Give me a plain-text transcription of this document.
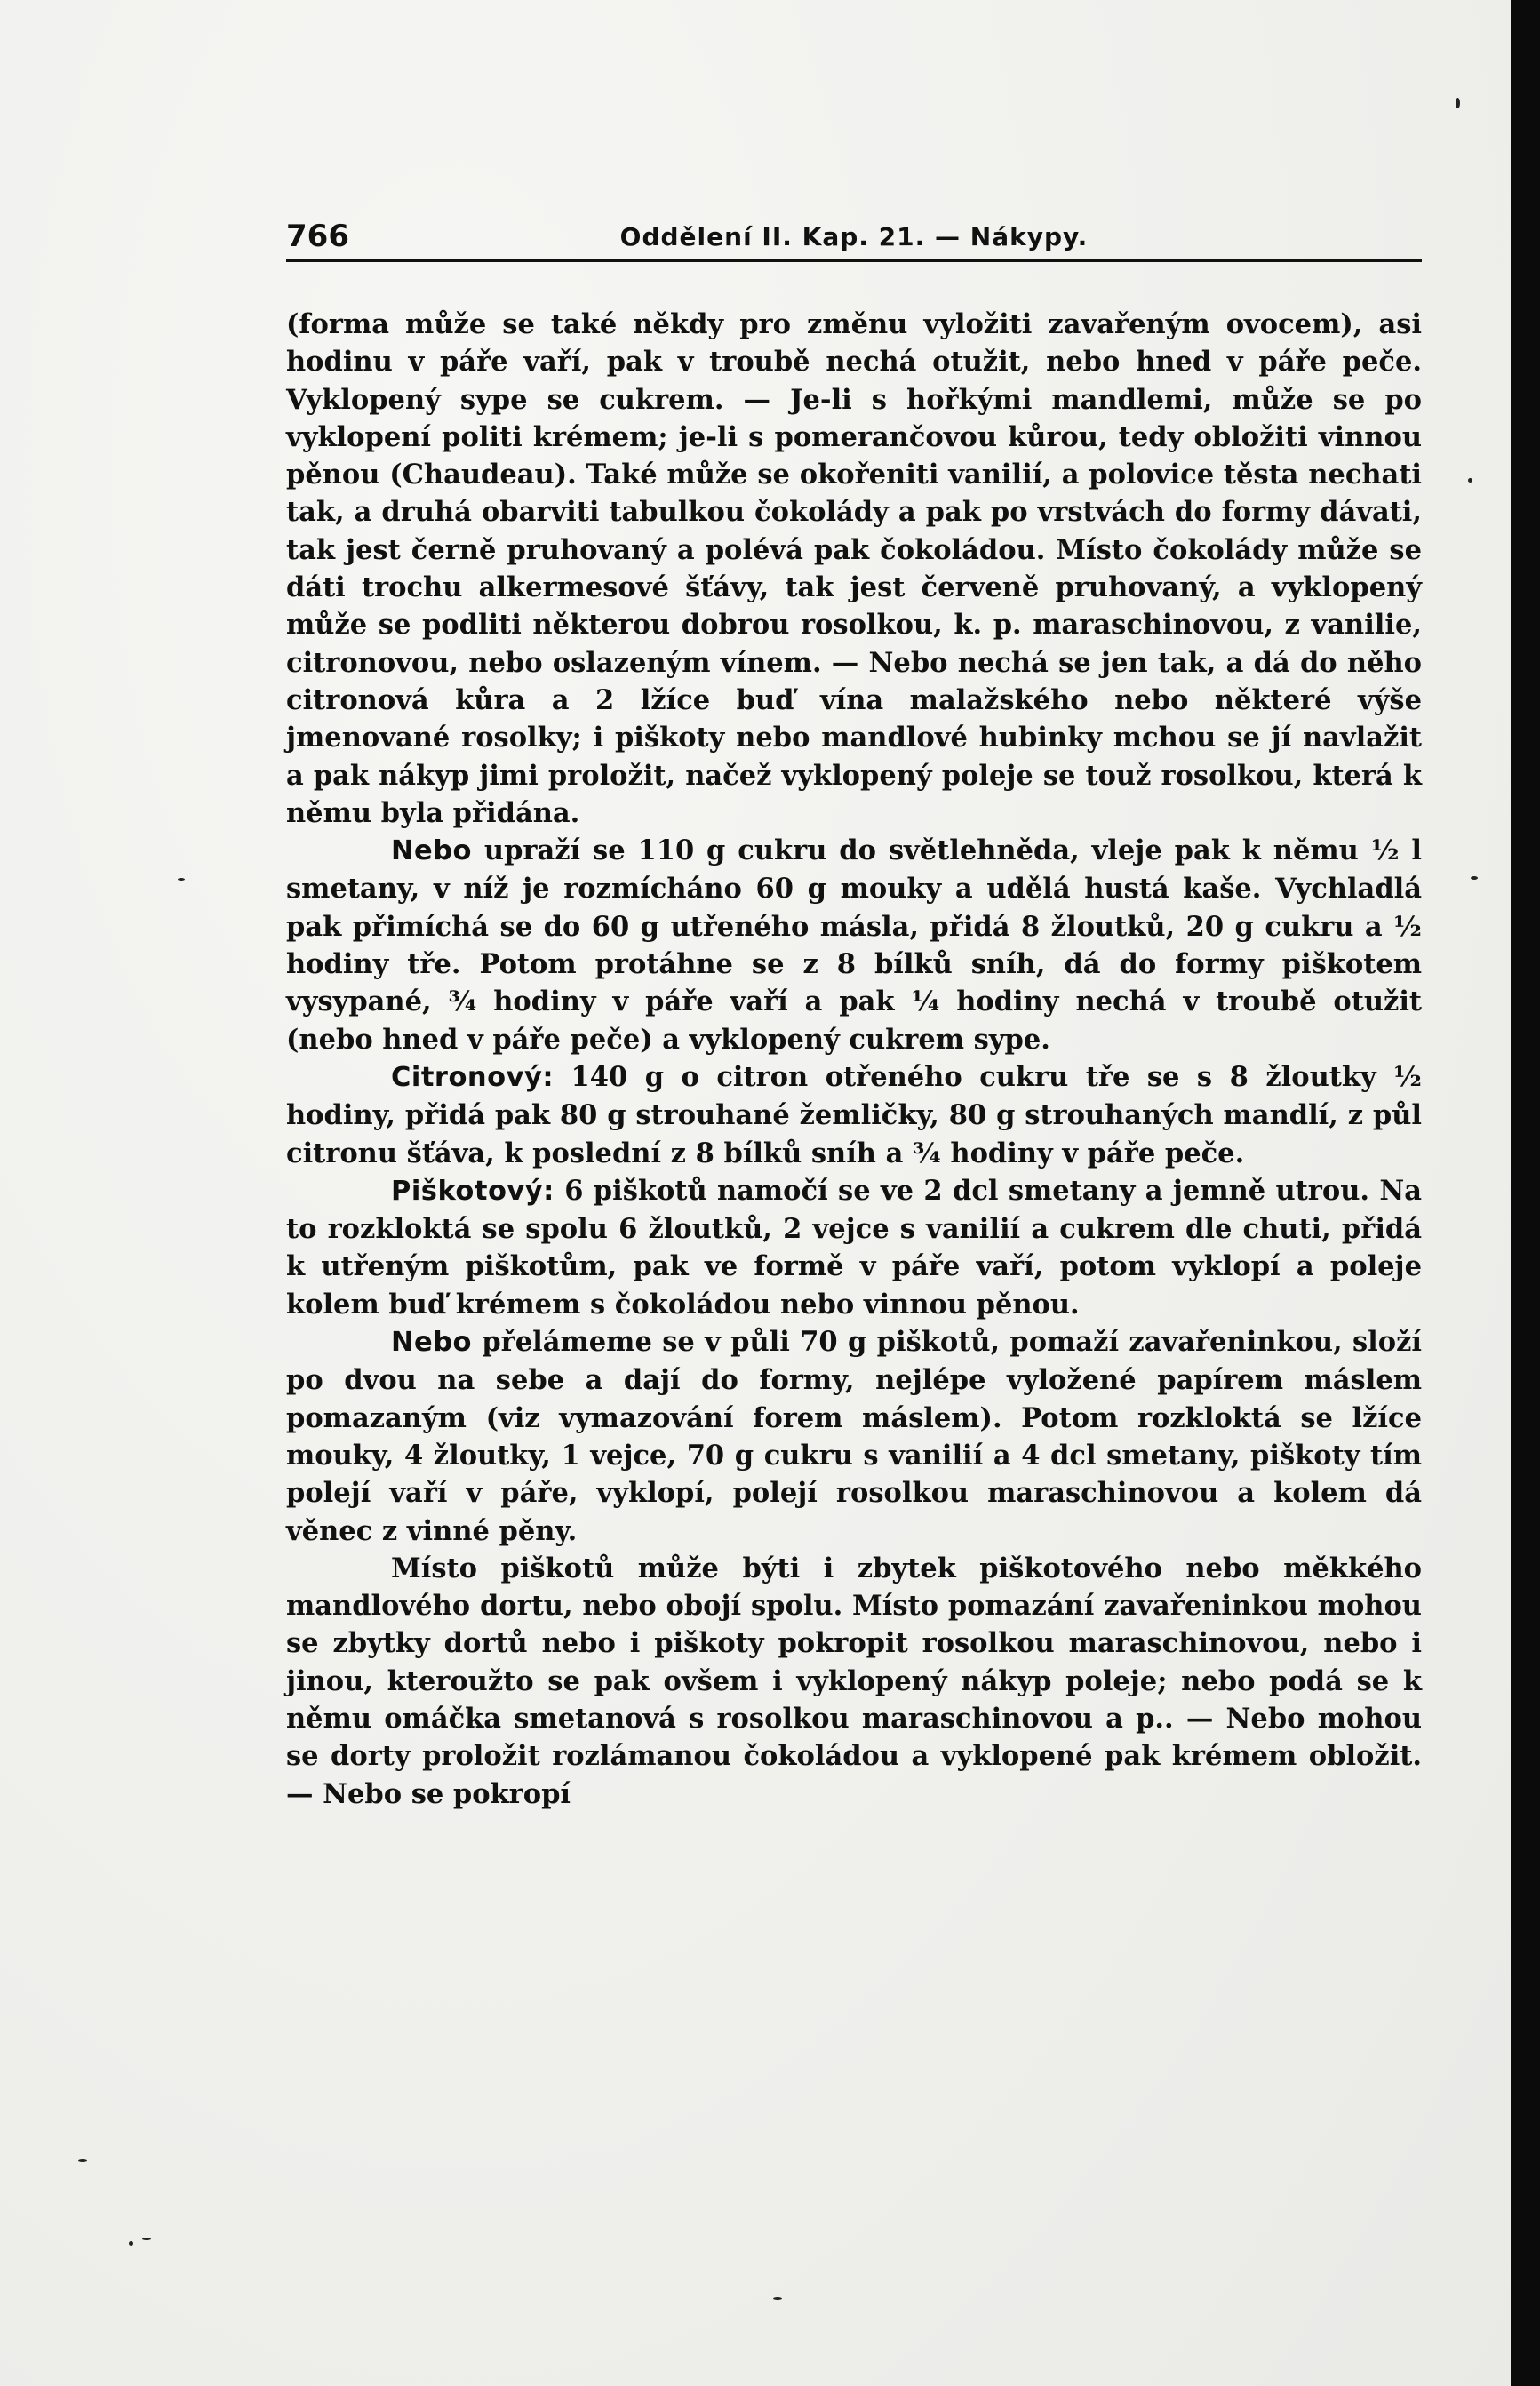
766	Oddělení II. Kap. 21. — Nákypy.

(forma může se také někdy pro změnu vyložiti zavařeným ovocem), asi hodinu v páře vaří, pak v troubě nechá otužit, nebo hned v páře peče. Vyklopený sype se cukrem. — Je-li s hořkými mandlemi, může se po vyklopení politi krémem; je-li s pomerančovou kůrou, tedy obložiti vinnou pěnou (Chaudeau). Také může se okořeniti vanilií, a polovice těsta nechati tak, a druhá obarviti tabulkou čokolády a pak po vrstvách do formy dávati, tak jest černě pruhovaný a polévá pak čokoládou. Místo čokolády může se dáti trochu alkermesové šťávy, tak jest červeně pruhovaný, a vyklopený může se podliti některou dobrou rosolkou, k. p. maraschinovou, z vanilie, citronovou, nebo oslazeným vínem. — Nebo nechá se jen tak, a dá do něho citronová kůra a 2 lžíce buď vína malažského nebo některé výše jmenované rosolky; i piškoty nebo mandlové hubinky mchou se jí navlažit a pak nákyp jimi proložit, načež vyklopený poleje se touž rosolkou, která k němu byla přidána.

Nebo upraží se 110 g cukru do světlehněda, vleje pak k němu ½ l smetany, v níž je rozmícháno 60 g mouky a udělá hustá kaše. Vychladlá pak přimíchá se do 60 g utřeného másla, přidá 8 žloutků, 20 g cukru a ½ hodiny tře. Potom protáhne se z 8 bílků sníh, dá do formy piškotem vysypané, ¾ hodiny v páře vaří a pak ¼ hodiny nechá v troubě otužit (nebo hned v páře peče) a vyklopený cukrem sype.

Citronový: 140 g o citron otřeného cukru tře se s 8 žloutky ½ hodiny, přidá pak 80 g strouhané žemličky, 80 g strouhaných mandlí, z půl citronu šťáva, k poslední z 8 bílků sníh a ¾ hodiny v páře peče.

Piškotový: 6 piškotů namočí se ve 2 dcl smetany a jemně utrou. Na to rozkloktá se spolu 6 žloutků, 2 vejce s vanilií a cukrem dle chuti, přidá k utřeným piškotům, pak ve formě v páře vaří, potom vyklopí a poleje kolem buď krémem s čokoládou nebo vinnou pěnou.

Nebo přelámeme se v půli 70 g piškotů, pomaží zavařeninkou, složí po dvou na sebe a dají do formy, nejlépe vyložené papírem máslem pomazaným (viz vymazování forem máslem). Potom rozkloktá se lžíce mouky, 4 žloutky, 1 vejce, 70 g cukru s vanilií a 4 dcl smetany, piškoty tím polejí vaří v páře, vyklopí, polejí rosolkou maraschinovou a kolem dá věnec z vinné pěny.

Místo piškotů může býti i zbytek piškotového nebo měkkého mandlového dortu, nebo obojí spolu. Místo pomazání zavařeninkou mohou se zbytky dortů nebo i piškoty pokropit rosolkou maraschinovou, nebo i jinou, kteroužto se pak ovšem i vyklopený nákyp poleje; nebo podá se k němu omáčka smetanová s rosolkou maraschinovou a p.. — Nebo mohou se dorty proložit rozlámanou čokoládou a vyklopené pak krémem obložit. — Nebo se pokropí
